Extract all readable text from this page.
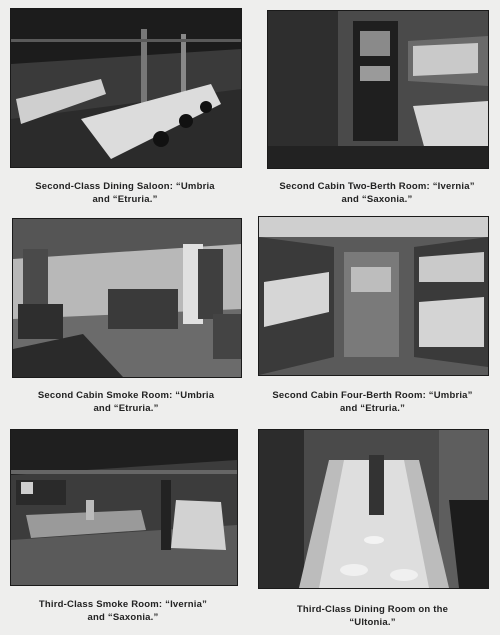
Second-Class Dining Saloon: “Umbria
and “Etruria.”
Second Cabin Two-Berth Room: “Ivernia”
and “Saxonia.”
Second Cabin Smoke Room: “Umbria
and “Etruria.”
Second Cabin Four-Berth Room: “Umbria”
and “Etruria.”
Third-Class Smoke Room: “Ivernia”
and “Saxonia.”
Third-Class Dining Room on the
“Ultonia.”
